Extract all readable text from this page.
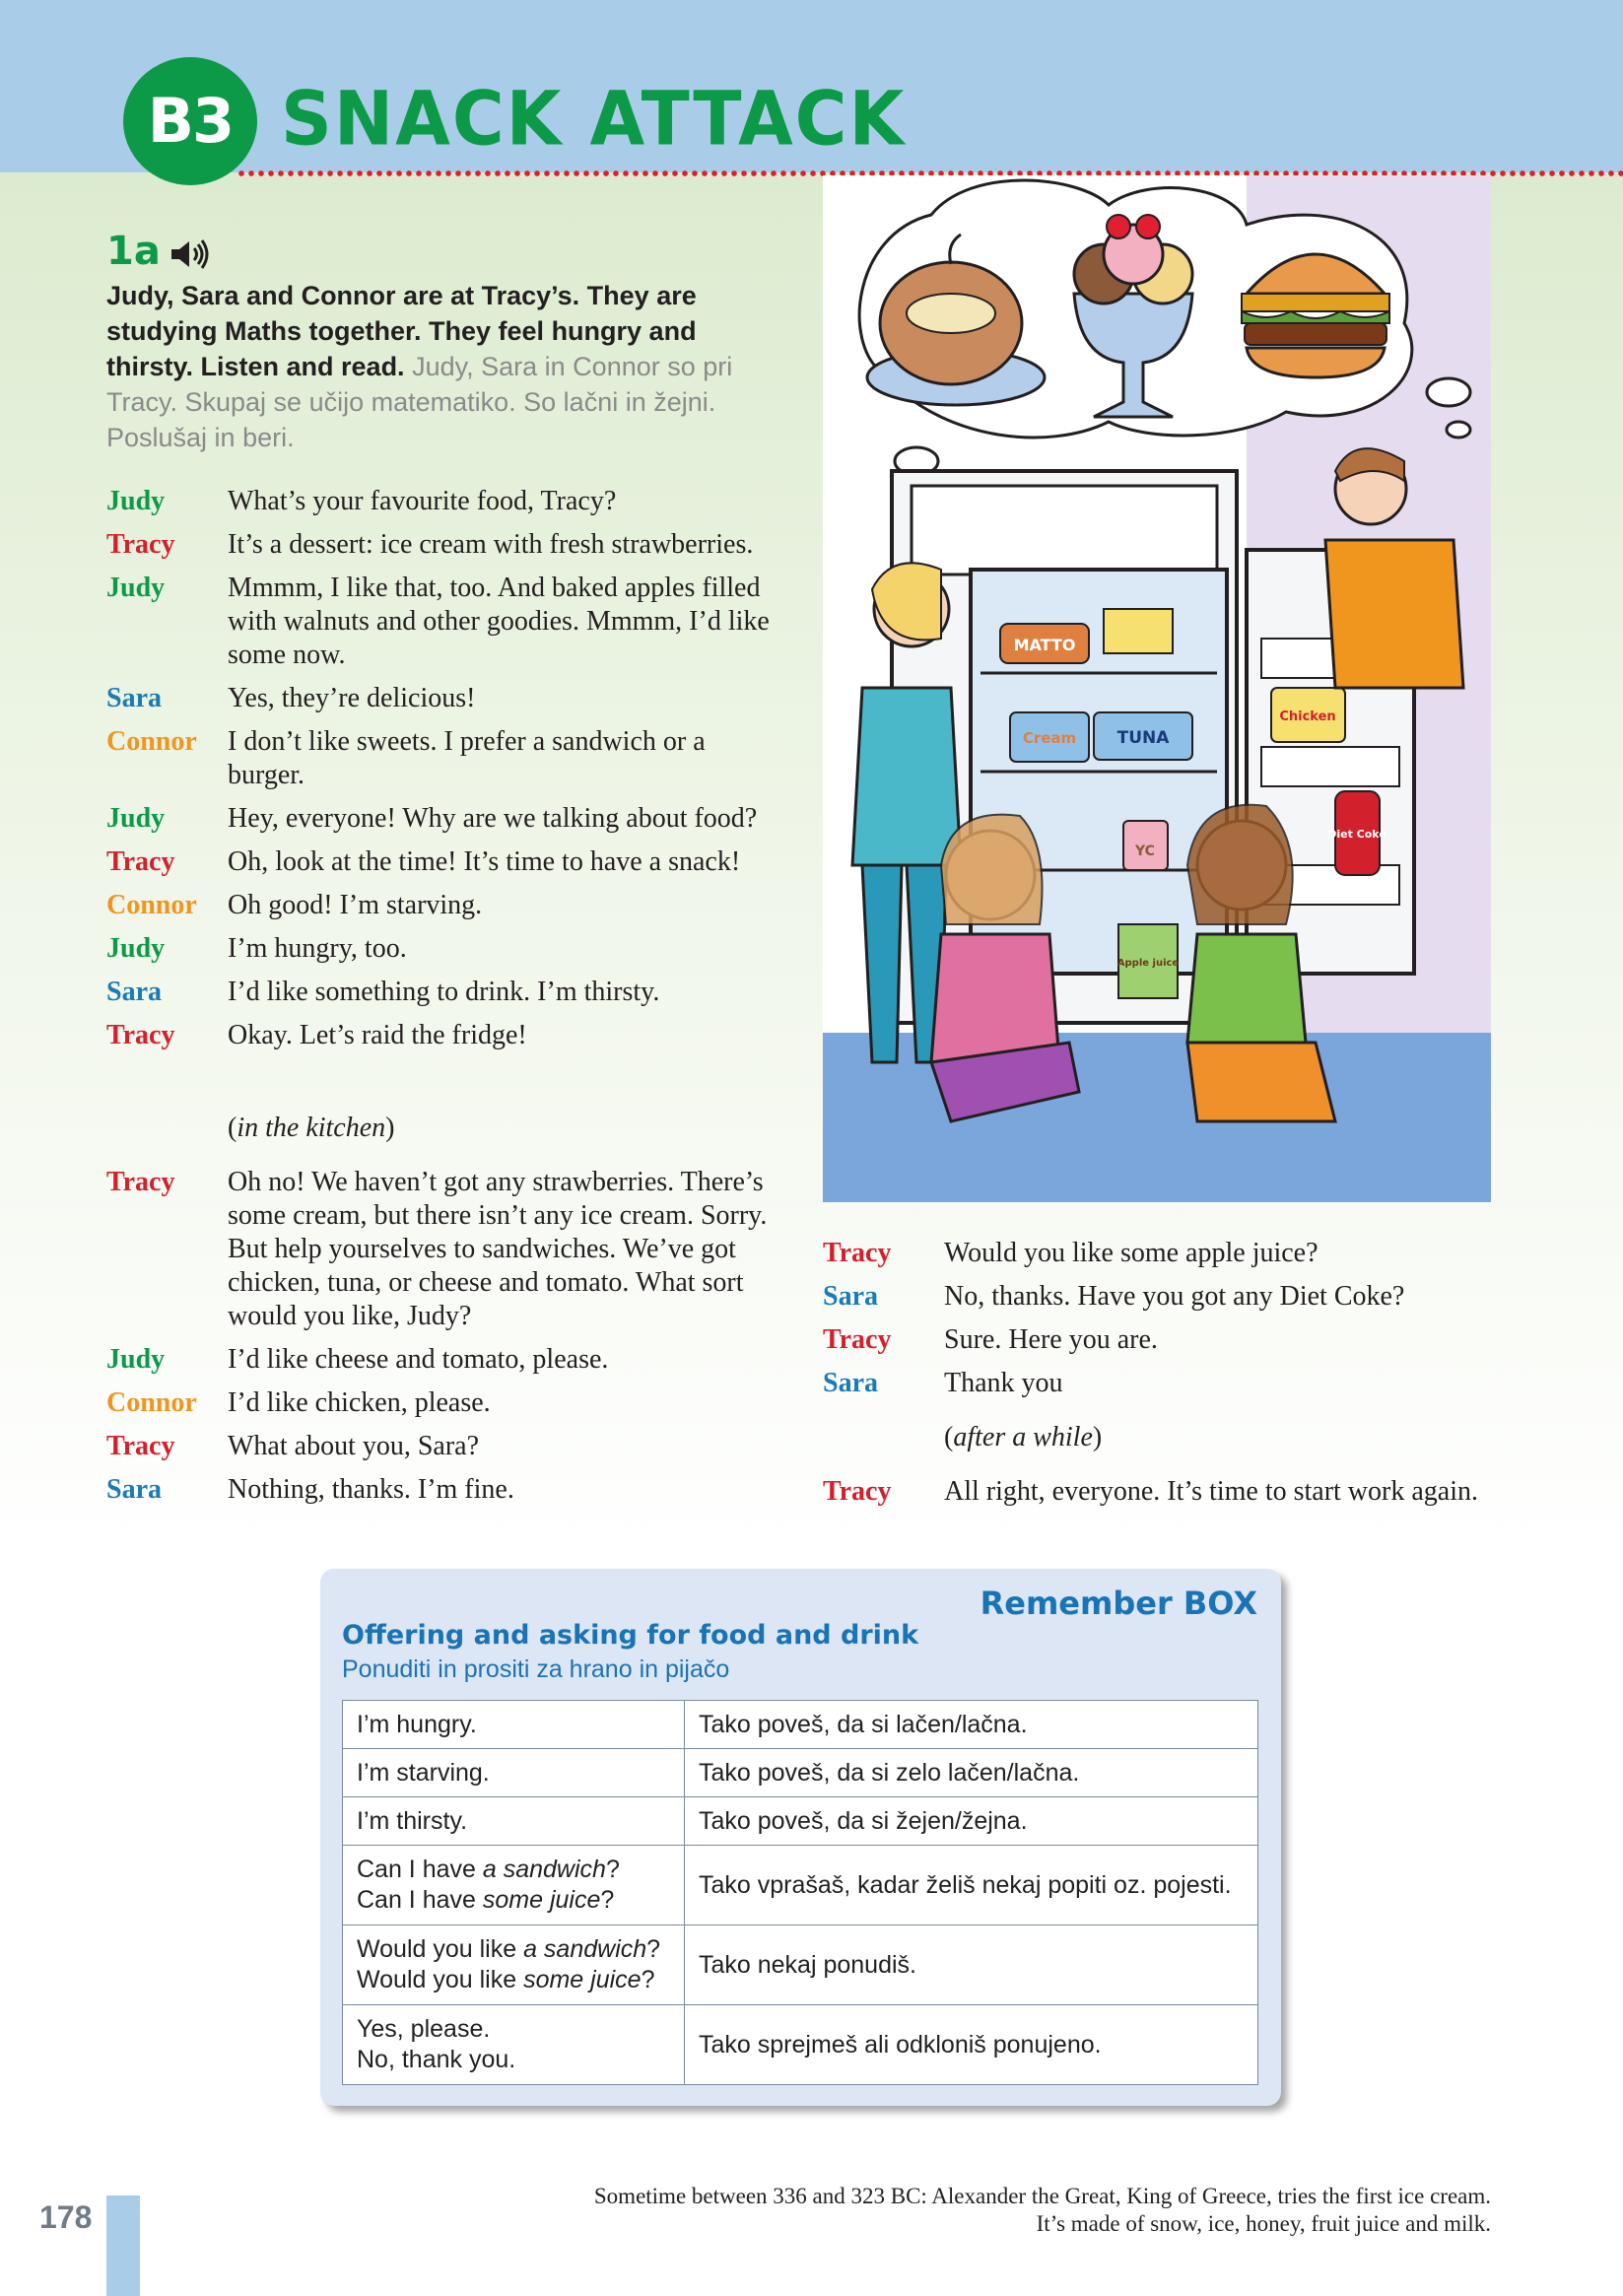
B3 SNACK ATTACK
1a
Judy, Sara and Connor are at Tracy’s. They are studying Maths together. They feel hungry and thirsty. Listen and read. Judy, Sara in Connor so pri Tracy. Skupaj se učijo matematiko. So lačni in žejni. Poslušaj in beri.
Judy What’s your favourite food, Tracy?
Tracy It’s a dessert: ice cream with fresh strawberries.
Judy Mmmm, I like that, too. And baked apples filled with walnuts and other goodies. Mmmm, I’d like some now.
Sara Yes, they’re delicious!
Connor I don’t like sweets. I prefer a sandwich or a burger.
Judy Hey, everyone! Why are we talking about food?
Tracy Oh, look at the time! It’s time to have a snack!
Connor Oh good! I’m starving.
Judy I’m hungry, too.
Sara I’d like something to drink. I’m thirsty.
Tracy Okay. Let’s raid the fridge!
(in the kitchen)
Tracy Oh no! We haven’t got any strawberries. There’s some cream, but there isn’t any ice cream. Sorry. But help yourselves to sandwiches. We’ve got chicken, tuna, or cheese and tomato. What sort would you like, Judy?
Judy I’d like cheese and tomato, please.
Connor I’d like chicken, please.
Tracy What about you, Sara?
Sara Nothing, thanks. I’m fine.
Tracy Would you like some apple juice?
Sara No, thanks. Have you got any Diet Coke?
Tracy Sure. Here you are.
Sara Thank you
(after a while)
Tracy All right, everyone. It’s time to start work again.
MATTO
Cream TUNA
YC
Chicken
Diet Coke
Apple juice
Remember BOX
Offering and asking for food and drink
Ponuditi in prositi za hrano in pijačo
I’m hungry.	Tako poveš, da si lačen/lačna.
I’m starving.	Tako poveš, da si zelo lačen/lačna.
I’m thirsty.	Tako poveš, da si žejen/žejna.
Can I have a sandwich?
Can I have some juice?	Tako vprašaš, kadar želiš nekaj popiti oz. pojesti.
Would you like a sandwich?
Would you like some juice?	Tako nekaj ponudiš.
Yes, please.
No, thank you.	Tako sprejmeš ali odkloniš ponujeno.
178
Sometime between 336 and 323 BC: Alexander the Great, King of Greece, tries the first ice cream.
It’s made of snow, ice, honey, fruit juice and milk.
